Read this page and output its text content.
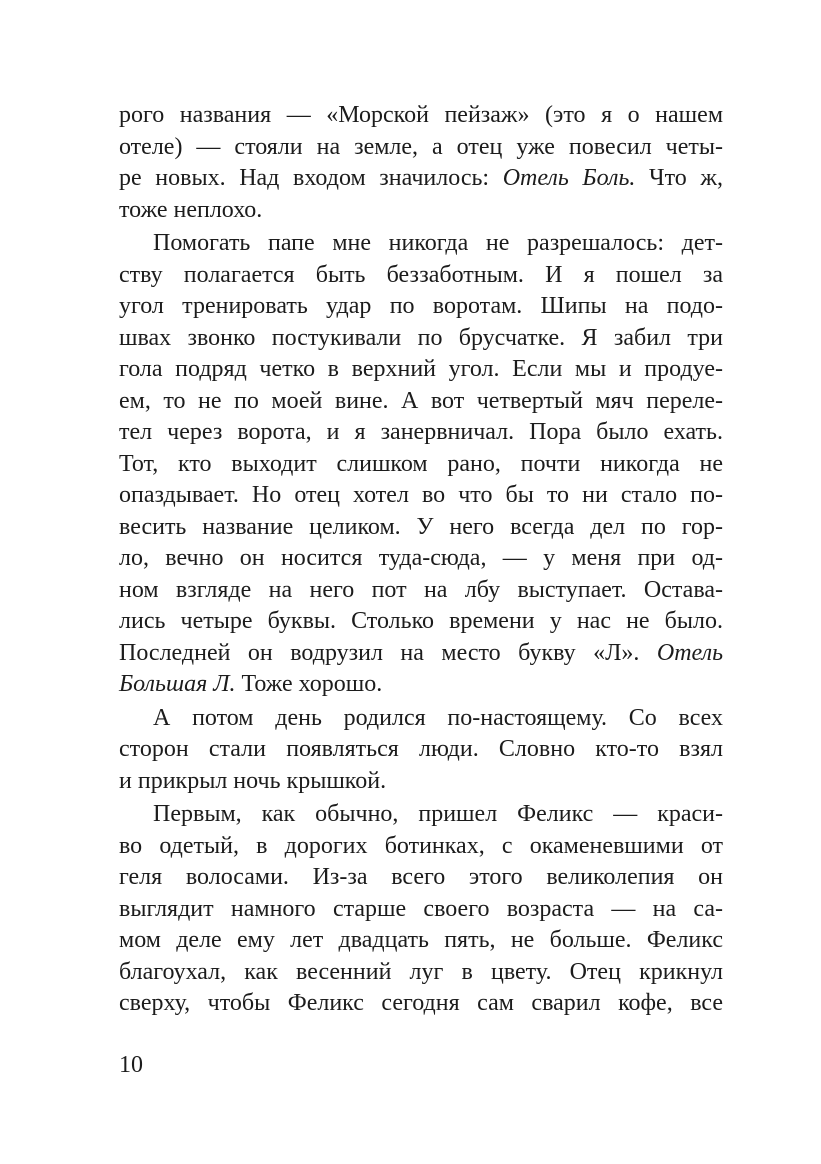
рого названия — «Морской пейзаж» (это я о нашем
отеле) — стояли на земле, а отец уже повесил четы-
ре новых. Над входом значилось: Отель Боль. Что ж,
тоже неплохо.
Помогать папе мне никогда не разрешалось: дет-
ству полагается быть беззаботным. И я пошел за
угол тренировать удар по воротам. Шипы на подо-
швах звонко постукивали по брусчатке. Я забил три
гола подряд четко в верхний угол. Если мы и продуе-
ем, то не по моей вине. А вот четвертый мяч переле-
тел через ворота, и я занервничал. Пора было ехать.
Тот, кто выходит слишком рано, почти никогда не
опаздывает. Но отец хотел во что бы то ни стало по-
весить название целиком. У него всегда дел по гор-
ло, вечно он носится туда-сюда, — у меня при од-
ном взгляде на него пот на лбу выступает. Остава-
лись четыре буквы. Столько времени у нас не было.
Последней он водрузил на место букву «Л». Отель
Большая Л. Тоже хорошо.
А потом день родился по-настоящему. Со всех
сторон стали появляться люди. Словно кто-то взял
и прикрыл ночь крышкой.
Первым, как обычно, пришел Феликс — краси-
во одетый, в дорогих ботинках, с окаменевшими от
геля волосами. Из-за всего этого великолепия он
выглядит намного старше своего возраста — на са-
мом деле ему лет двадцать пять, не больше. Феликс
благоухал, как весенний луг в цвету. Отец крикнул
сверху, чтобы Феликс сегодня сам сварил кофе, все
10
